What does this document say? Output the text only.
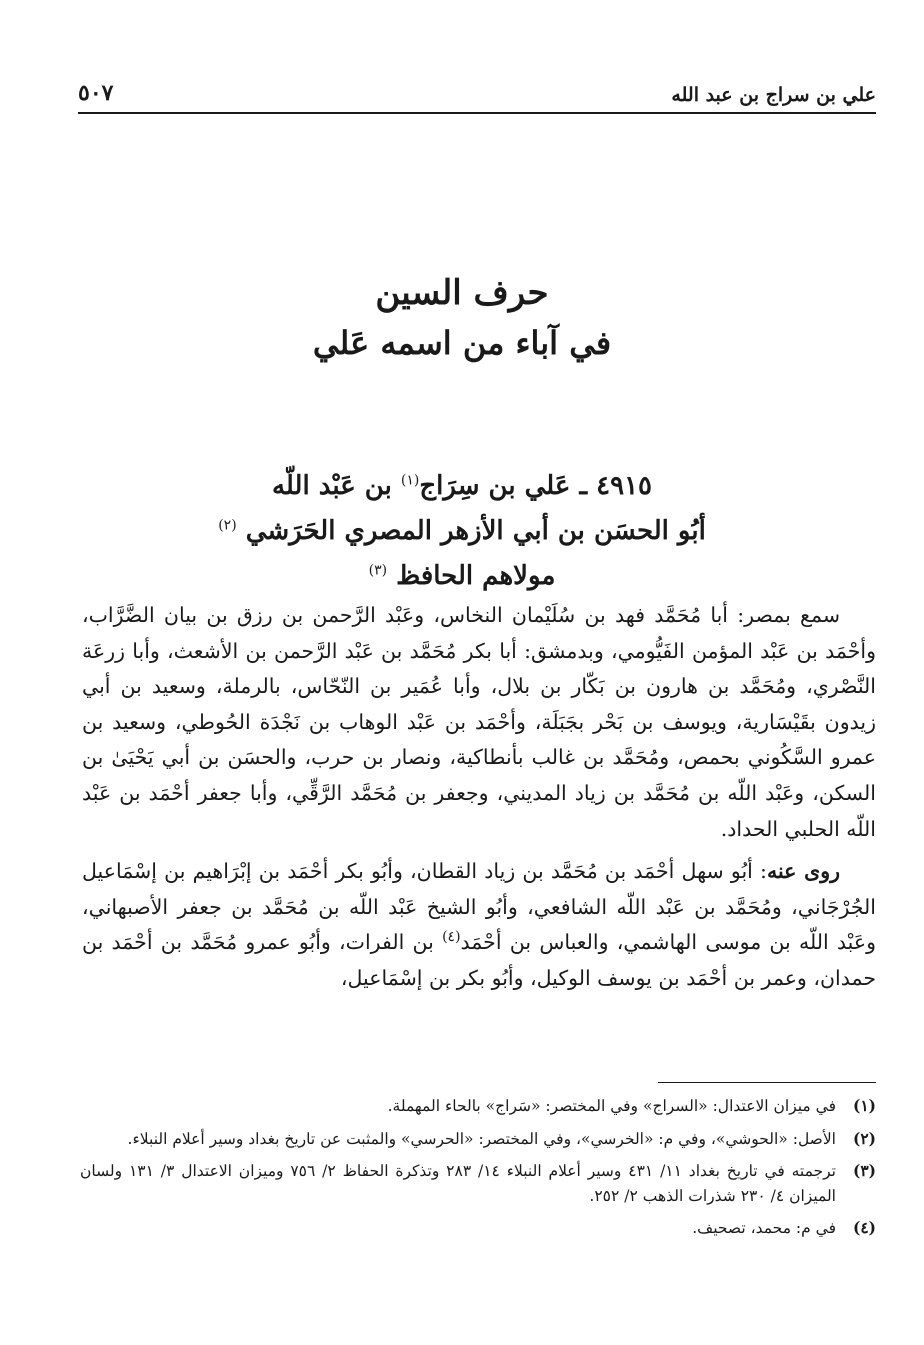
علي بن سراج بن عبد الله
٥٠٧
حرف السين
في آباء من اسمه عَلي
٤٩١٥ ـ عَلي بن سِرَاج$^{(١)}$ بن عَبْد اللّه
أبُو الحسَن بن أبي الأزهر المصري الحَرَشي $^{(٢)}$
مولاهم الحافظ $^{(٣)}$

سمع بمصر: أبا مُحَمَّد فهد بن سُلَيْمان النخاس، وعَبْد الرَّحمن بن رزق بن بيان الضَّرَّاب، وأحْمَد بن عَبْد المؤمن الفَيُّومي، وبدمشق: أبا بكر مُحَمَّد بن عَبْد الرَّحمن بن الأشعث، وأبا زرعَة النَّصْري، ومُحَمَّد بن هارون بن بَكّار بن بلال، وأبا عُمَير بن النّحّاس، بالرملة، وسعيد بن أبي زيدون بقَيْسَارية، ويوسف بن بَحْر بجَبَلَة، وأحْمَد بن عَبْد الوهاب بن نَجْدَة الحُوطي، وسعيد بن عمرو السَّكُوني بحمص، ومُحَمَّد بن غالب بأنطاكية، ونصار بن حرب، والحسَن بن أبي يَحْيَىٰ بن السكن، وعَبْد اللّه بن مُحَمَّد بن زياد المديني، وجعفر بن مُحَمَّد الرَّقِّي، وأبا جعفر أحْمَد بن عَبْد اللّه الحلبي الحداد.

روى عنه: أبُو سهل أحْمَد بن مُحَمَّد بن زياد القطان، وأبُو بكر أحْمَد بن إبْرَاهيم بن إسْمَاعيل الجُرْجَاني، ومُحَمَّد بن عَبْد اللّه الشافعي، وأبُو الشيخ عَبْد اللّه بن مُحَمَّد بن جعفر الأصبهاني، وعَبْد اللّه بن موسى الهاشمي، والعباس بن أحْمَد$^{(٤)}$ بن الفرات، وأبُو عمرو مُحَمَّد بن أحْمَد بن حمدان، وعمر بن أحْمَد بن يوسف الوكيل، وأبُو بكر بن إسْمَاعيل،

(١)
في ميزان الاعتدال: «السراج» وفي المختصر: «سَراج» بالحاء المهملة.
(٢)
الأصل: «الحوشي»، وفي م: «الخرسي»، وفي المختصر: «الحرسي» والمثبت عن تاريخ بغداد وسير أعلام النبلاء.
(٣)
ترجمته في تاريخ بغداد ١١/ ٤٣١ وسير أعلام النبلاء ١٤/ ٢٨٣ وتذكرة الحفاظ ٢/ ٧٥٦ وميزان الاعتدال ٣/ ١٣١ ولسان الميزان ٤/ ٢٣٠ شذرات الذهب ٢/ ٢٥٢.
(٤)
في م: محمد، تصحيف.
